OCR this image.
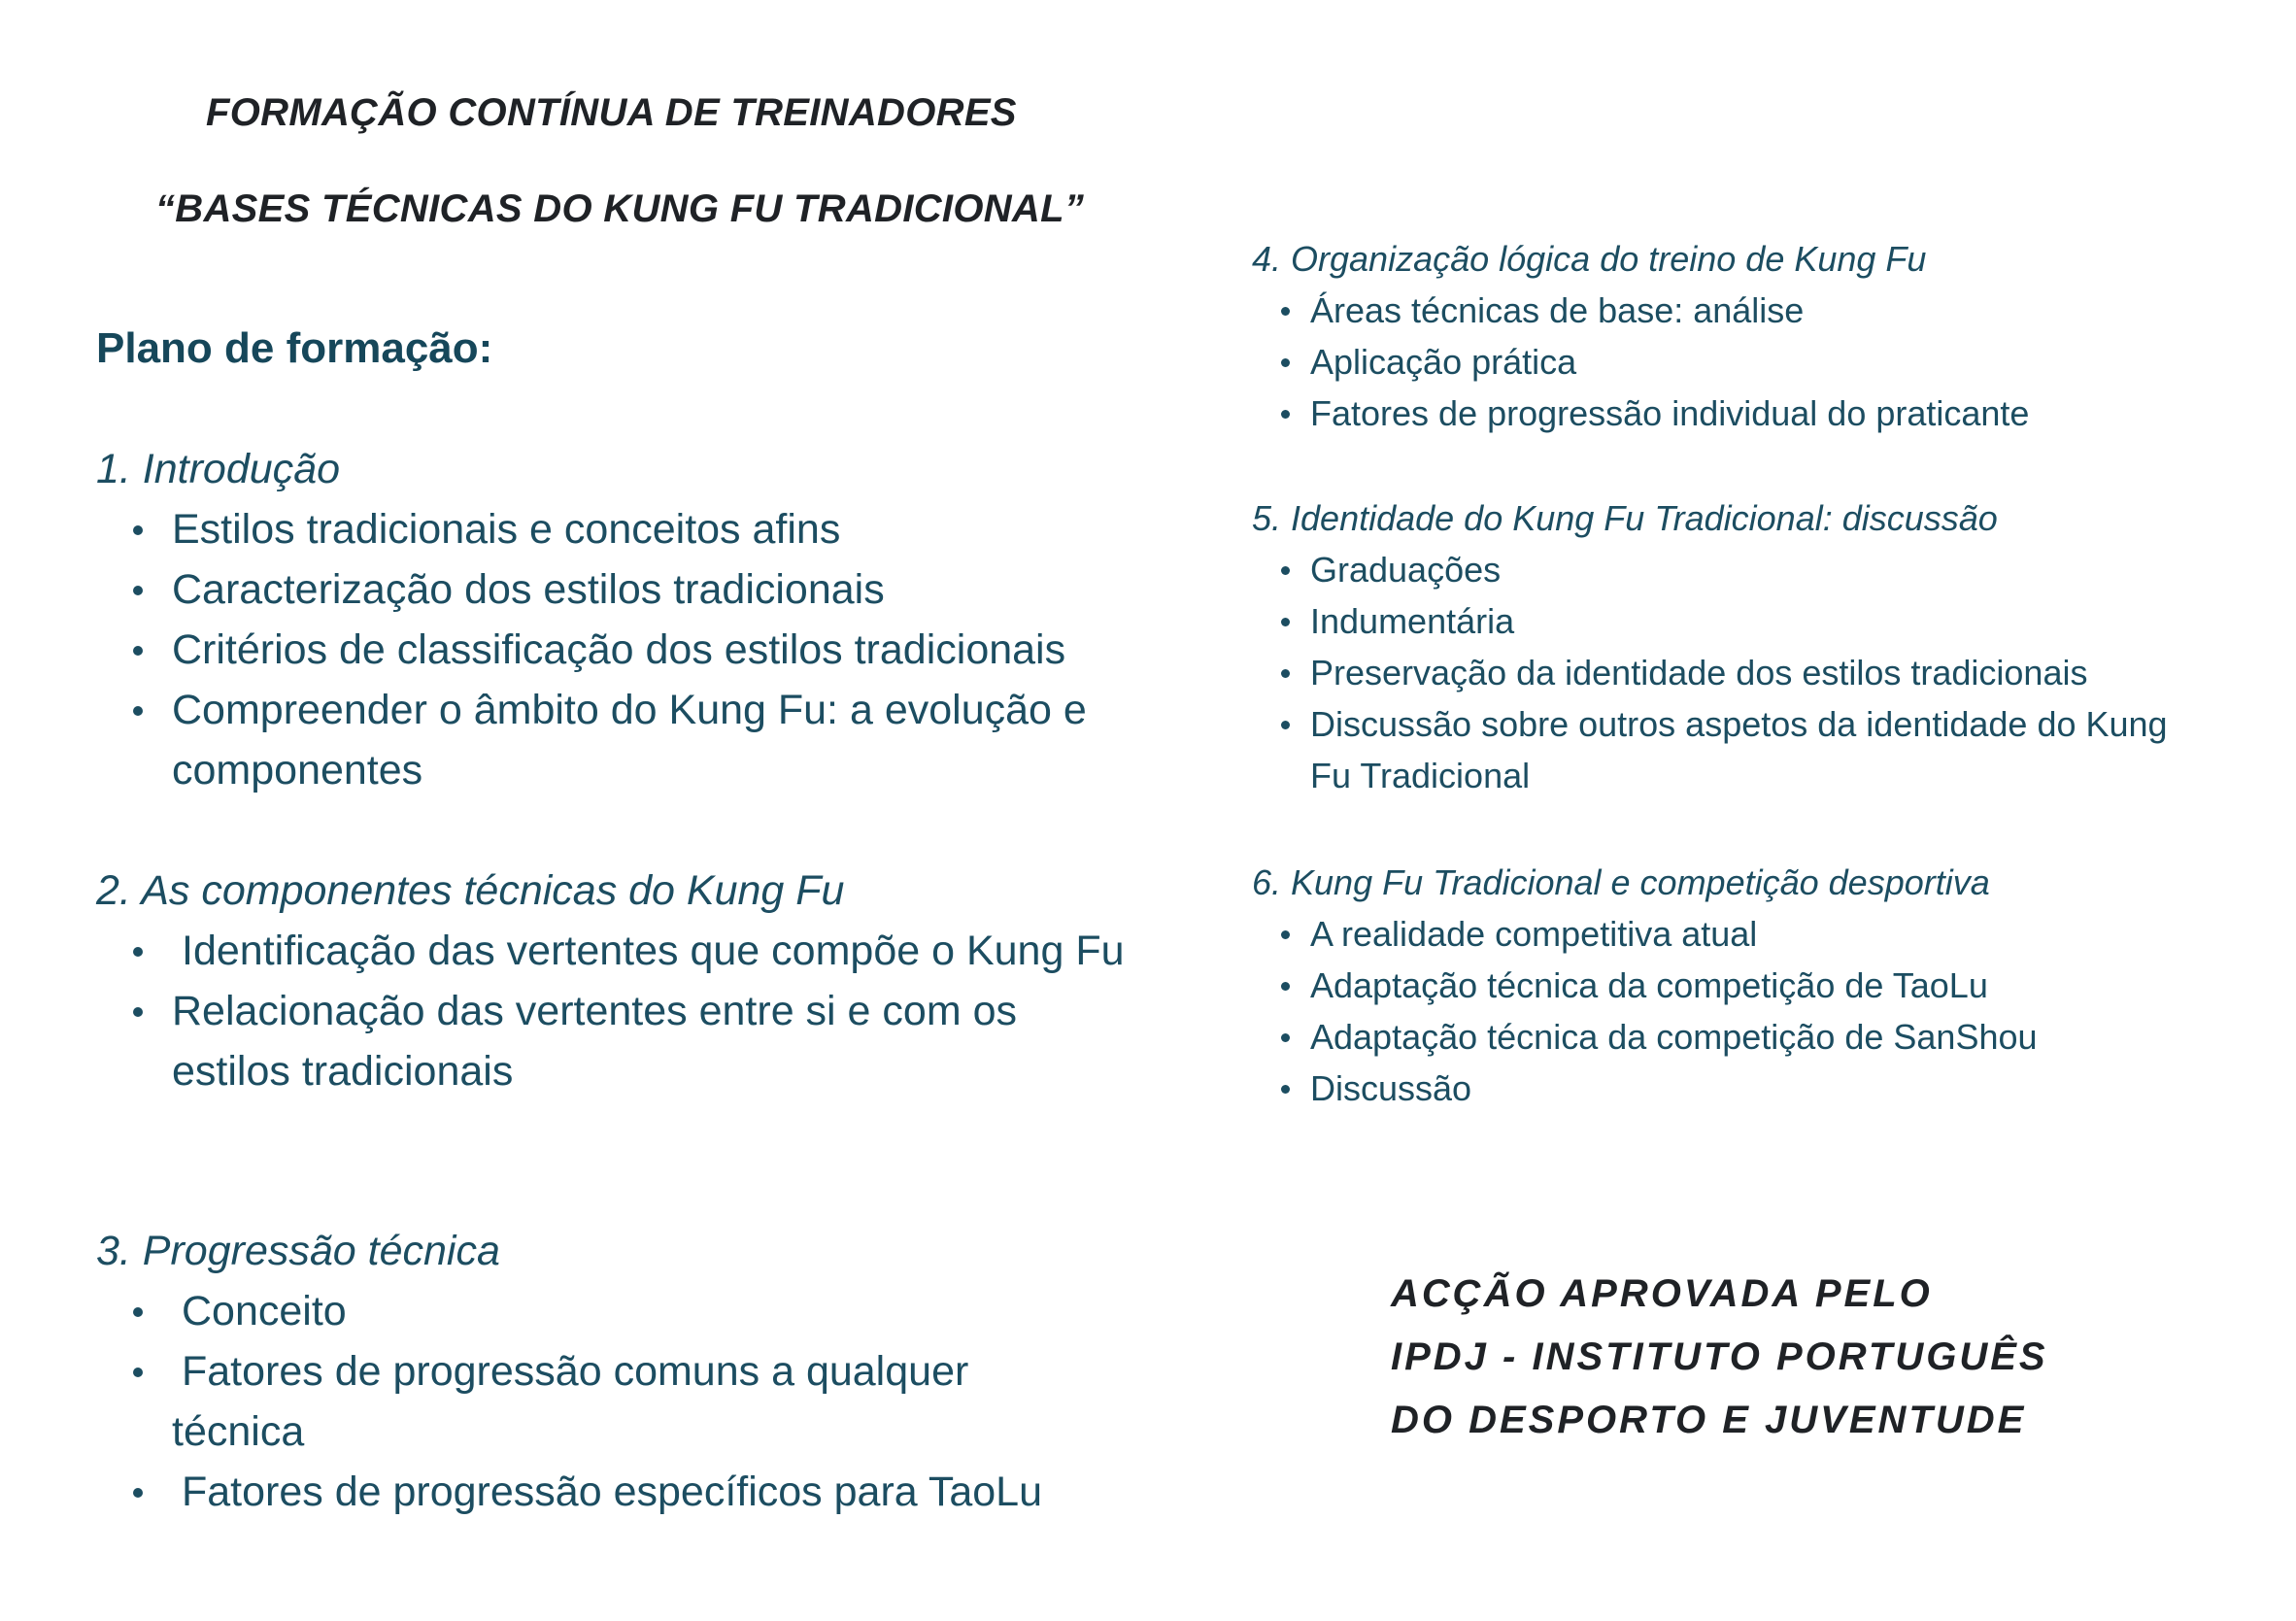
FORMAÇÃO CONTÍNUA DE TREINADORES
“BASES TÉCNICAS DO KUNG FU TRADICIONAL”
Plano de formação:
1. Introdução
Estilos tradicionais e conceitos afins
Caracterização dos estilos tradicionais
Critérios de classificação dos estilos tradicionais
Compreender o âmbito do Kung Fu: a evolução e componentes
2. As componentes técnicas do Kung Fu
Identificação das vertentes que compõe o Kung Fu
Relacionação das vertentes entre si e com os estilos tradicionais
3. Progressão técnica
Conceito
Fatores de progressão comuns a qualquer técnica
Fatores de progressão específicos para TaoLu
4. Organização lógica do treino de Kung Fu
Áreas técnicas de base: análise
Aplicação prática
Fatores de progressão individual do praticante
5. Identidade do Kung Fu Tradicional: discussão
Graduações
Indumentária
Preservação da identidade dos estilos tradicionais
Discussão sobre outros aspetos da identidade do Kung Fu Tradicional
6. Kung Fu Tradicional e competição desportiva
A realidade competitiva atual
Adaptação técnica da competição de TaoLu
Adaptação técnica da competição de SanShou
Discussão
ACÇÃO APROVADA PELO
IPDJ - INSTITUTO PORTUGUÊS
DO DESPORTO E JUVENTUDE
